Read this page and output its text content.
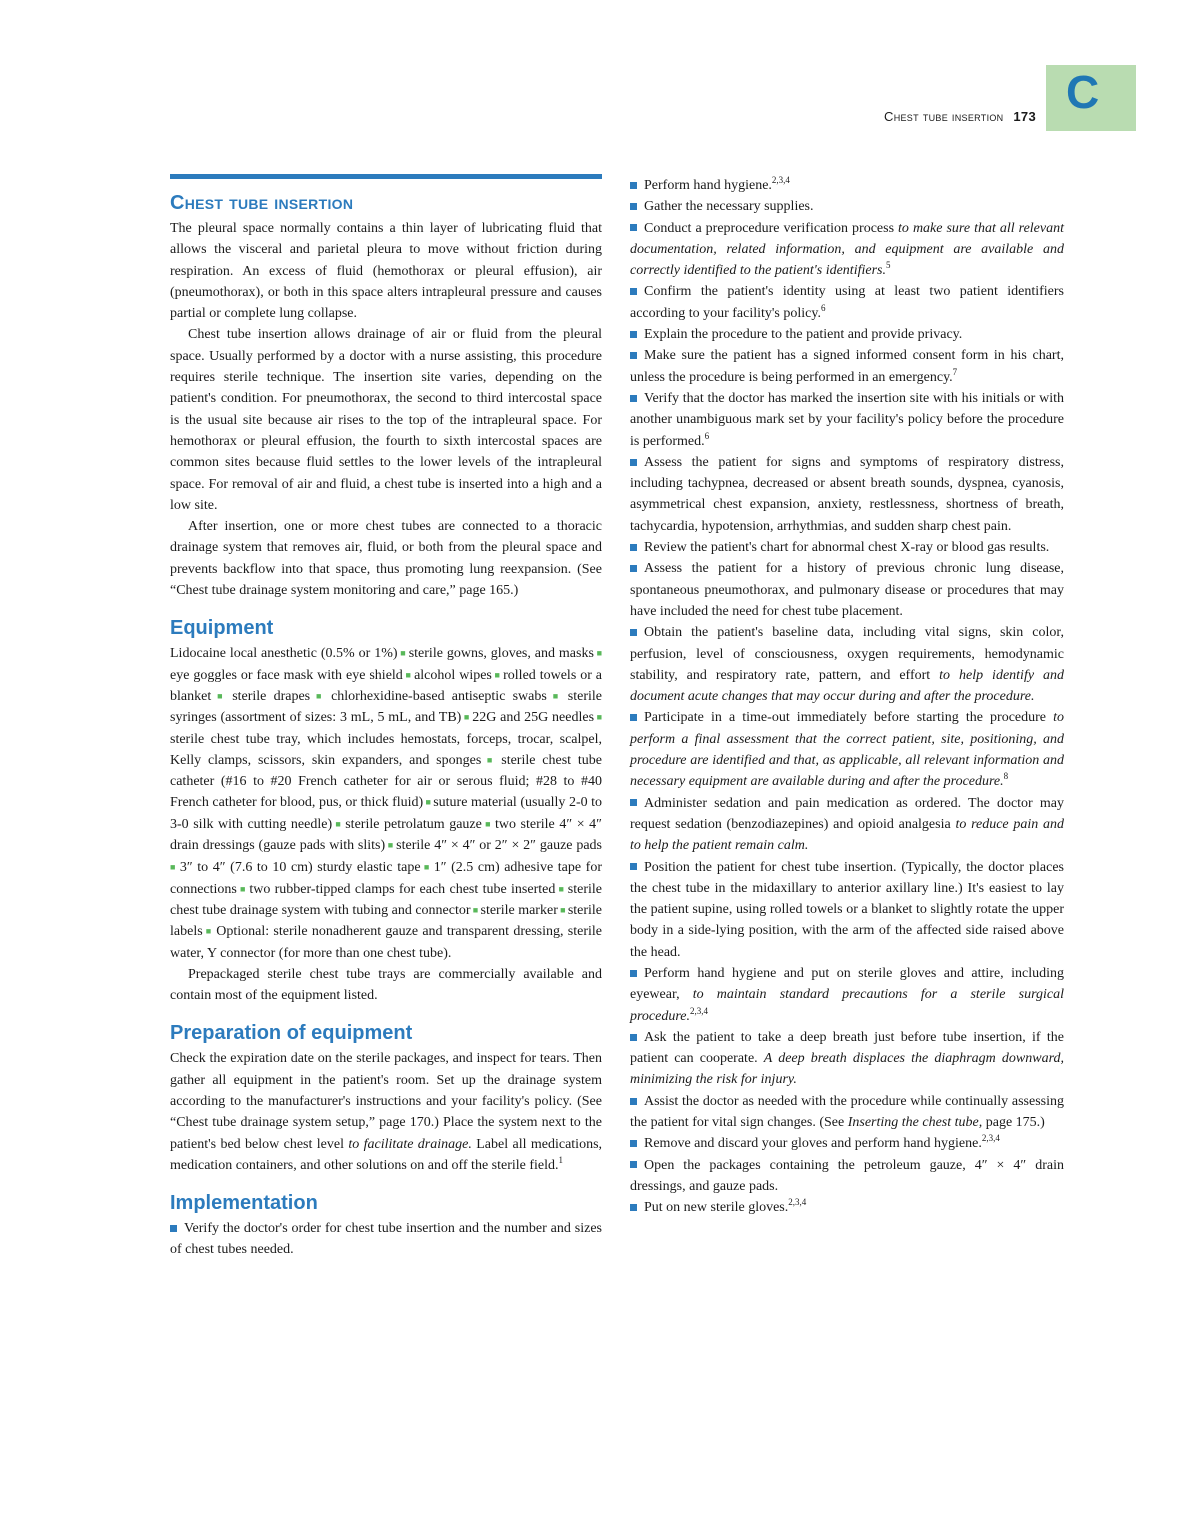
Chest tube insertion 173 C
Chest tube insertion

The pleural space normally contains a thin layer of lubricating fluid that allows the visceral and parietal pleura to move without friction during respiration. An excess of fluid (hemothorax or pleural effusion), air (pneumothorax), or both in this space alters intrapleural pressure and causes partial or complete lung collapse.

Chest tube insertion allows drainage of air or fluid from the pleural space. Usually performed by a doctor with a nurse assisting, this procedure requires sterile technique. The insertion site varies, depending on the patient's condition. For pneumothorax, the second to third intercostal space is the usual site because air rises to the top of the intrapleural space. For hemothorax or pleural effusion, the fourth to sixth intercostal spaces are common sites because fluid settles to the lower levels of the intrapleural space. For removal of air and fluid, a chest tube is inserted into a high and a low site.

After insertion, one or more chest tubes are connected to a thoracic drainage system that removes air, fluid, or both from the pleural space and prevents backflow into that space, thus promoting lung reexpansion. (See “Chest tube drainage system monitoring and care,” page 165.)

Equipment

Lidocaine local anesthetic (0.5% or 1%) ■ sterile gowns, gloves, and masks ■ eye goggles or face mask with eye shield ■ alcohol wipes ■ rolled towels or a blanket ■ sterile drapes ■ chlorhexidine-based antiseptic swabs ■ sterile syringes (assortment of sizes: 3 mL, 5 mL, and TB) ■ 22G and 25G needles ■ sterile chest tube tray, which includes hemostats, forceps, trocar, scalpel, Kelly clamps, scissors, skin expanders, and sponges ■ sterile chest tube catheter (#16 to #20 French catheter for air or serous fluid; #28 to #40 French catheter for blood, pus, or thick fluid) ■ suture material (usually 2-0 to 3-0 silk with cutting needle) ■ sterile petrolatum gauze ■ two sterile 4″ × 4″ drain dressings (gauze pads with slits) ■ sterile 4″ × 4″ or 2″ × 2″ gauze pads ■ 3″ to 4″ (7.6 to 10 cm) sturdy elastic tape ■ 1″ (2.5 cm) adhesive tape for connections ■ two rubber-tipped clamps for each chest tube inserted ■ sterile chest tube drainage system with tubing and connector ■ sterile marker ■ sterile labels ■ Optional: sterile nonadherent gauze and transparent dressing, sterile water, Y connector (for more than one chest tube).

Prepackaged sterile chest tube trays are commercially available and contain most of the equipment listed.

Preparation of equipment

Check the expiration date on the sterile packages, and inspect for tears. Then gather all equipment in the patient's room. Set up the drainage system according to the manufacturer's instructions and your facility's policy. (See “Chest tube drainage system setup,” page 170.) Place the system next to the patient's bed below chest level to facilitate drainage. Label all medications, medication containers, and other solutions on and off the sterile field.$^1$

Implementation
Verify the doctor's order for chest tube insertion and the number and sizes of chest tubes needed.
Perform hand hygiene.$^{2,3,4}$
Gather the necessary supplies.
Conduct a preprocedure verification process to make sure that all relevant documentation, related information, and equipment are available and correctly identified to the patient's identifiers.$^5$
Confirm the patient's identity using at least two patient identifiers according to your facility's policy.$^6$
Explain the procedure to the patient and provide privacy.
Make sure the patient has a signed informed consent form in his chart, unless the procedure is being performed in an emergency.$^7$
Verify that the doctor has marked the insertion site with his initials or with another unambiguous mark set by your facility's policy before the procedure is performed.$^6$
Assess the patient for signs and symptoms of respiratory distress, including tachypnea, decreased or absent breath sounds, dyspnea, cyanosis, asymmetrical chest expansion, anxiety, restlessness, shortness of breath, tachycardia, hypotension, arrhythmias, and sudden sharp chest pain.
Review the patient's chart for abnormal chest X-ray or blood gas results.
Assess the patient for a history of previous chronic lung disease, spontaneous pneumothorax, and pulmonary disease or procedures that may have included the need for chest tube placement.
Obtain the patient's baseline data, including vital signs, skin color, perfusion, level of consciousness, oxygen requirements, hemodynamic stability, and respiratory rate, pattern, and effort to help identify and document acute changes that may occur during and after the procedure.
Participate in a time-out immediately before starting the procedure to perform a final assessment that the correct patient, site, positioning, and procedure are identified and that, as applicable, all relevant information and necessary equipment are available during and after the procedure.$^8$
Administer sedation and pain medication as ordered. The doctor may request sedation (benzodiazepines) and opioid analgesia to reduce pain and to help the patient remain calm.
Position the patient for chest tube insertion. (Typically, the doctor places the chest tube in the midaxillary to anterior axillary line.) It's easiest to lay the patient supine, using rolled towels or a blanket to slightly rotate the upper body in a side-lying position, with the arm of the affected side raised above the head.
Perform hand hygiene and put on sterile gloves and attire, including eyewear, to maintain standard precautions for a sterile surgical procedure.$^{2,3,4}$
Ask the patient to take a deep breath just before tube insertion, if the patient can cooperate. A deep breath displaces the diaphragm downward, minimizing the risk for injury.
Assist the doctor as needed with the procedure while continually assessing the patient for vital sign changes. (See Inserting the chest tube, page 175.)
Remove and discard your gloves and perform hand hygiene.$^{2,3,4}$
Open the packages containing the petroleum gauze, 4″ × 4″ drain dressings, and gauze pads.
Put on new sterile gloves.$^{2,3,4}$
